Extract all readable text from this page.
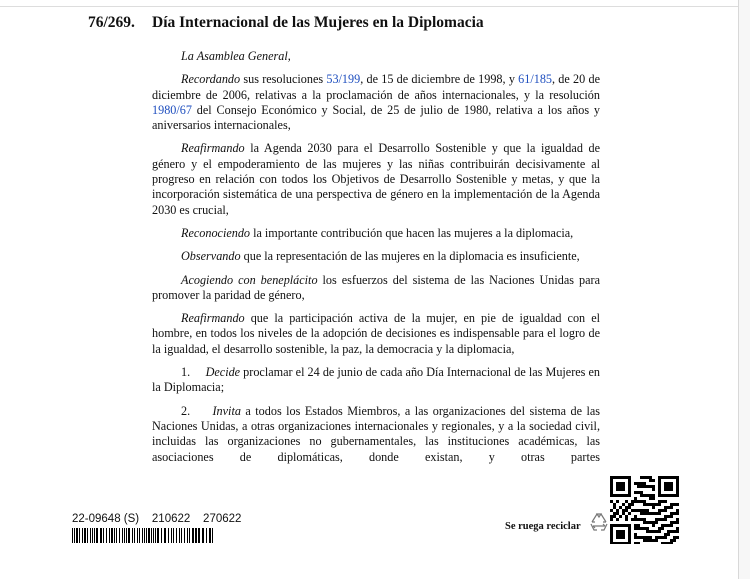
76/269. Día Internacional de las Mujeres en la Diplomacia

La Asamblea General,

Recordando sus resoluciones 53/199, de 15 de diciembre de 1998, y 61/185, de 20 de diciembre de 2006, relativas a la proclamación de años internacionales, y la resolución 1980/67 del Consejo Económico y Social, de 25 de julio de 1980, relativa a los años y aniversarios internacionales,

Reafirmando la Agenda 2030 para el Desarrollo Sostenible y que la igualdad de género y el empoderamiento de las mujeres y las niñas contribuirán decisivamente al progreso en relación con todos los Objetivos de Desarrollo Sostenible y metas, y que la incorporación sistemática de una perspectiva de género en la implementación de la Agenda 2030 es crucial,

Reconociendo la importante contribución que hacen las mujeres a la diplomacia,

Observando que la representación de las mujeres en la diplomacia es insuficiente,

Acogiendo con beneplácito los esfuerzos del sistema de las Naciones Unidas para promover la paridad de género,

Reafirmando que la participación activa de la mujer, en pie de igualdad con el hombre, en todos los niveles de la adopción de decisiones es indispensable para el logro de la igualdad, el desarrollo sostenible, la paz, la democracia y la diplomacia,

1. Decide proclamar el 24 de junio de cada año Día Internacional de las Mujeres en la Diplomacia;

2. Invita a todos los Estados Miembros, a las organizaciones del sistema de las Naciones Unidas, a otras organizaciones internacionales y regionales, y a la sociedad civil, incluidas las organizaciones no gubernamentales, las instituciones académicas, las asociaciones de diplomáticas, donde existan, y otras partes

22-09648 (S)    210622    270622
Se ruega reciclar
